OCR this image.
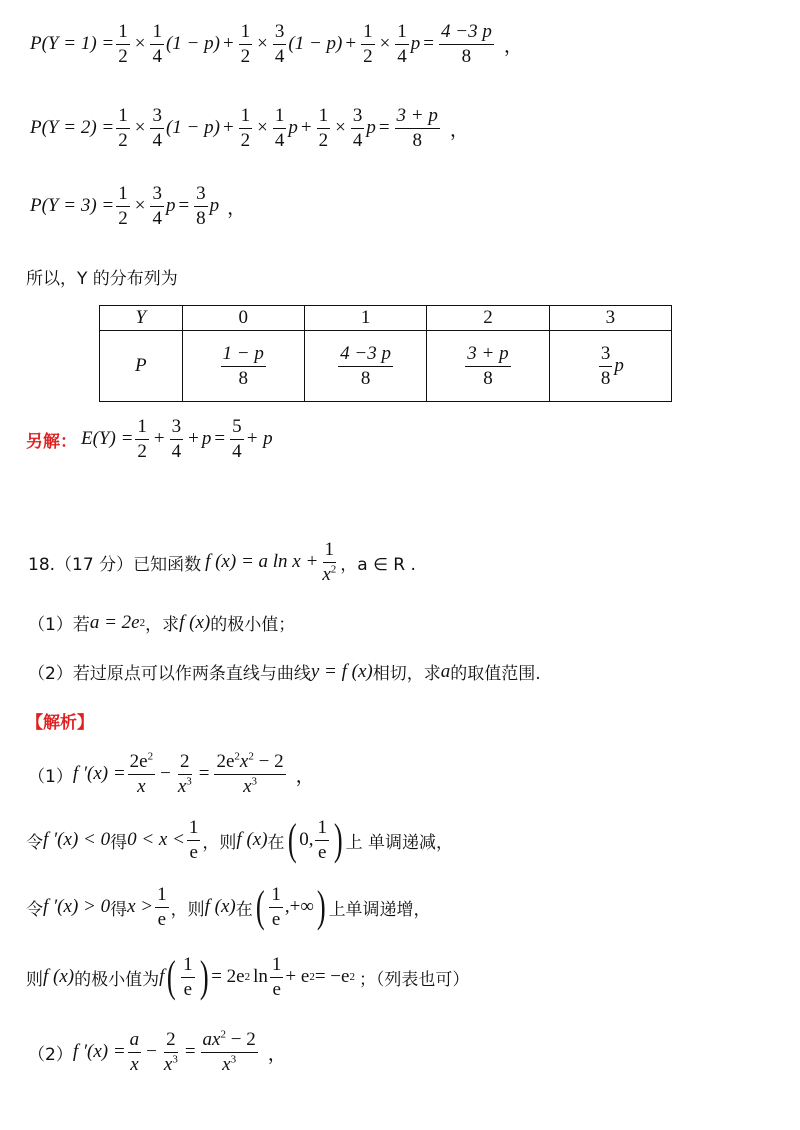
$P(Y = 1) = \frac{1}{2} \times \frac{1}{4} (1 - p) + \frac{1}{2} \times \frac{3}{4} (1 - p) + \frac{1}{2} \times \frac{1}{4}$ $p = \frac{4 -3 p}{8}$ ，
$P(Y = 2) = \frac{1}{2} \times \frac{3}{4} (1 - p) + \frac{1}{2} \times \frac{1}{4}$ $p + \frac{1}{2} \times \frac{3}{4}$ $p = \frac{3 + p}{8}$ ，
$P(Y = 3) = \frac{1}{2} \times \frac{3}{4}$ $p = \frac{3}{8}$ p ，
所以，Y 的分布列为
Y	0	1	2	3
P	$\frac{1 - p}{8}$	$\frac{4 -3 p}{8}$	$\frac{3 + p}{8}$	$\frac{3}{8}$ p
另解： $E(Y) = \frac{1}{2} + \frac{3}{4} + p = \frac{5}{4} + p$
18.（17 分）已知函数 f (x) = a $\ln x + \frac{1}{x^2}$ ，a ∈ R .
（1）若 a = 2e 2 ，求 f (x) 的极小值；
（2）若过原点可以作两条直线与曲线 y = f (x) 相切，求 a 的取值范围.
【解析】
（1） f $'(x) = \frac{2e^2}{x} - \frac{2}{x^3} = \frac{2e^2x^2 - 2}{x^3}$ ，
令 f ′(x) < 0 得 $0 < x < \frac{1}{e}$ ，则 f (x) 在 ( 0, $\frac{1}{e}$ ) 上 单调递减，
令 f ′(x) > 0 得 $x > \frac{1}{e}$ ，则 f (x) 在 ( $\frac{1}{e}$ ,+∞ ) 上单调递增，
则 f (x) 的极小值为 f ( $\frac{1}{e}$ ) = 2e 2 $\ln \frac{1}{e} + e$ 2 = −e 2 ；（列表也可）
（2） f $'(x) = \frac{a}{x} - \frac{2}{x^3} = \frac{ax^2 - 2}{x^3}$ ，
